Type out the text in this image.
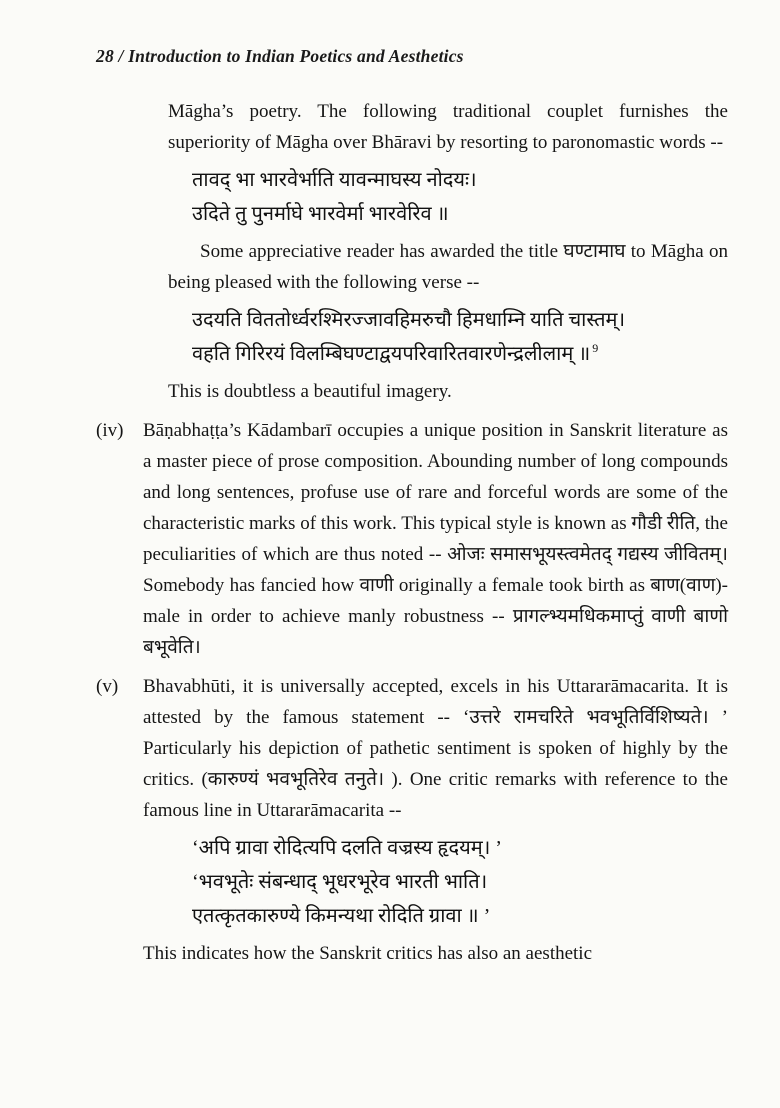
28 / Introduction to Indian Poetics and Aesthetics

Māgha’s poetry. The following traditional couplet furnishes the superiority of Māgha over Bhāravi by resorting to paronomastic words --

तावद् भा भारवेर्भाति यावन्माघस्य नोदयः।
उदिते तु पुनर्माघे भारवेर्मा भारवेरिव ॥

Some appreciative reader has awarded the title घण्टामाघ to Māgha on being pleased with the following verse --

उदयति विततोर्ध्वरश्मिरज्जावहिमरुचौ हिमधाम्नि याति चास्तम्।
वहति गिरिरयं विलम्बिघण्टाद्वयपरिवारितवारणेन्द्रलीलाम् ॥ $^9$

This is doubtless a beautiful imagery.

(iv) Bāṇabhaṭṭa’s Kādambarī occupies a unique position in Sanskrit literature as a master piece of prose composition. Abounding number of long compounds and long sentences, profuse use of rare and forceful words are some of the characteristic marks of this work. This typical style is known as गौडी रीति, the peculiarities of which are thus noted -- ओजः समासभूयस्त्वमेतद् गद्यस्य जीवितम्। Somebody has fancied how वाणी originally a female took birth as बाण(वाण)- male in order to achieve manly robustness -- प्रागल्भ्यमधिकमाप्तुं वाणी बाणो बभूवेति।

(v) Bhavabhūti, it is universally accepted, excels in his Uttararāmacarita. It is attested by the famous statement -- ‘उत्तरे रामचरिते भवभूतिर्विशिष्यते। ’ Particularly his depiction of pathetic sentiment is spoken of highly by the critics. (कारुण्यं भवभूतिरेव तनुते। ). One critic remarks with reference to the famous line in Uttararāmacarita --

‘अपि ग्रावा रोदित्यपि दलति वज्रस्य हृदयम्। ’
‘भवभूतेः संबन्धाद् भूधरभूरेव भारती भाति।
एतत्कृतकारुण्ये किमन्यथा रोदिति ग्रावा ॥ ’

This indicates how the Sanskrit critics has also an aesthetic
